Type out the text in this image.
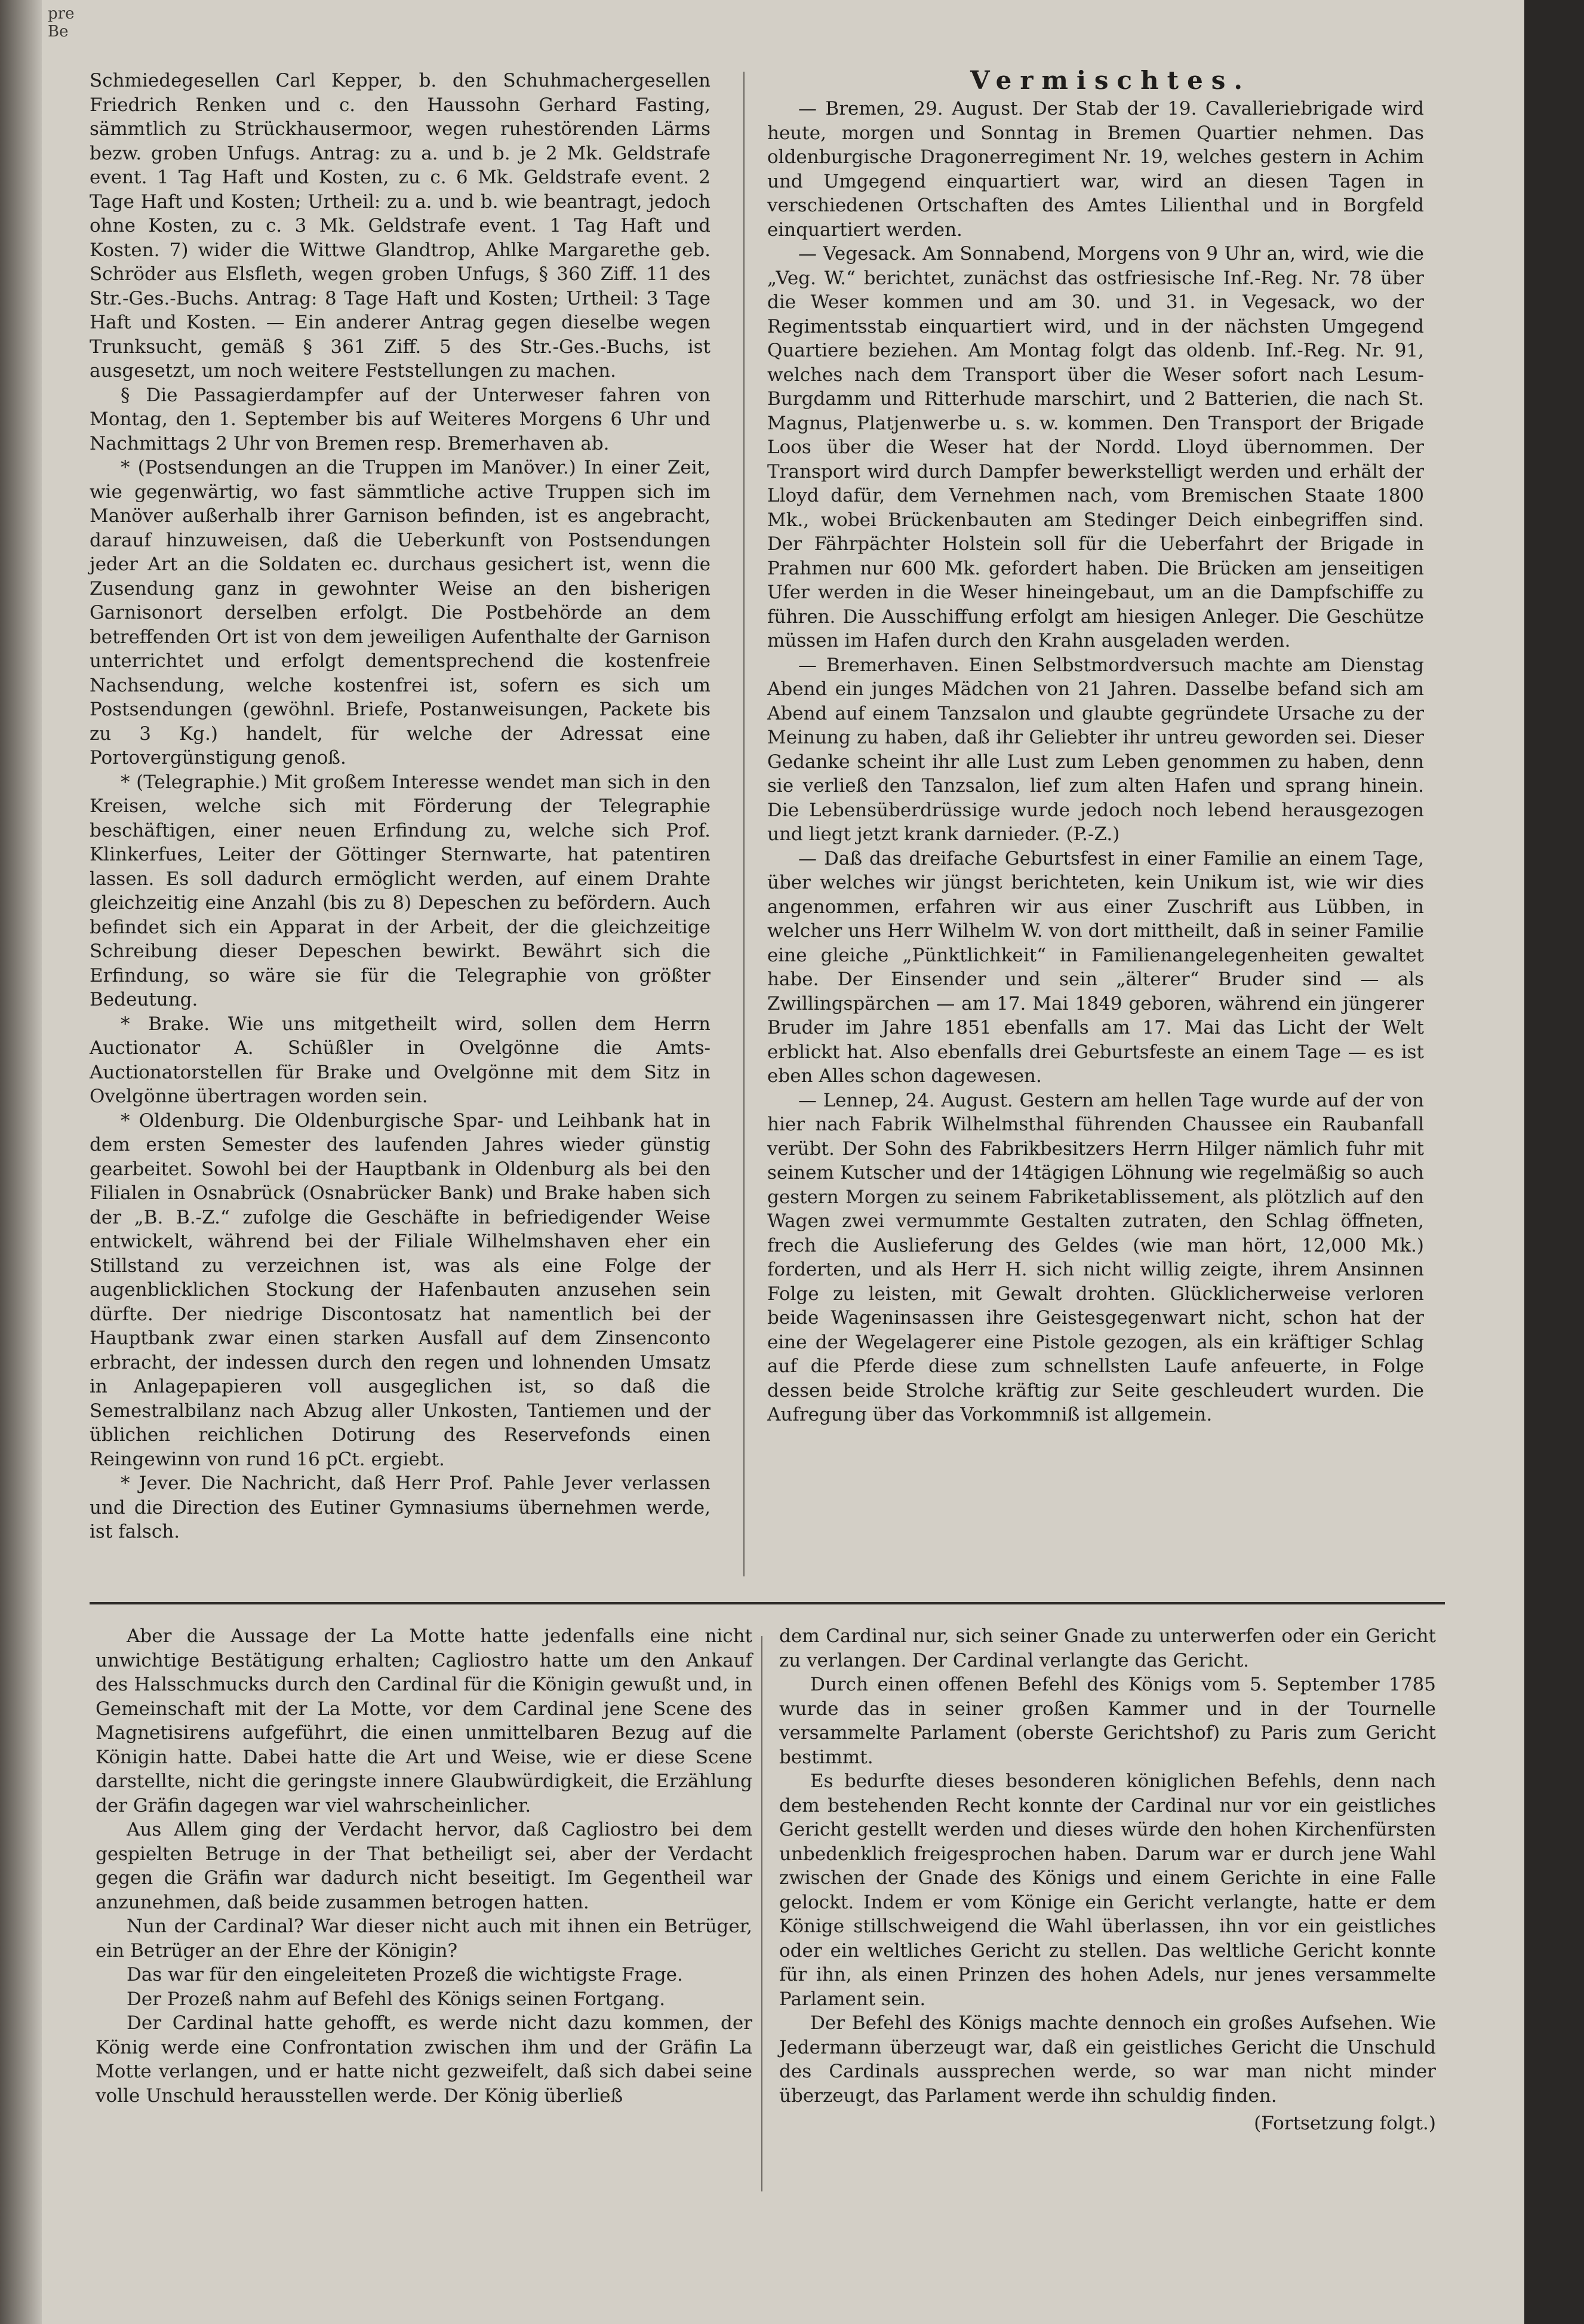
pre
Be

Schmiedegesellen Carl Kepper, b. den Schuhmachergesellen Friedrich Renken und c. den Haussohn Gerhard Fasting, sämmtlich zu Strückhausermoor, wegen ruhestörenden Lärms bezw. groben Unfugs. Antrag: zu a. und b. je 2 Mk. Geldstrafe event. 1 Tag Haft und Kosten, zu c. 6 Mk. Geldstrafe event. 2 Tage Haft und Kosten; Urtheil: zu a. und b. wie beantragt, jedoch ohne Kosten, zu c. 3 Mk. Geldstrafe event. 1 Tag Haft und Kosten. 7) wider die Wittwe Glandtrop, Ahlke Margarethe geb. Schröder aus Elsfleth, wegen groben Unfugs, § 360 Ziff. 11 des Str.-Ges.-Buchs. Antrag: 8 Tage Haft und Kosten; Urtheil: 3 Tage Haft und Kosten. — Ein anderer Antrag gegen dieselbe wegen Trunksucht, gemäß § 361 Ziff. 5 des Str.-Ges.-Buchs, ist ausgesetzt, um noch weitere Feststellungen zu machen.

§ Die Passagierdampfer auf der Unterweser fahren von Montag, den 1. September bis auf Weiteres Morgens 6 Uhr und Nachmittags 2 Uhr von Bremen resp. Bremerhaven ab.

* (Postsendungen an die Truppen im Manöver.) In einer Zeit, wie gegenwärtig, wo fast sämmtliche active Truppen sich im Manöver außerhalb ihrer Garnison befinden, ist es angebracht, darauf hinzuweisen, daß die Ueberkunft von Postsendungen jeder Art an die Soldaten ec. durchaus gesichert ist, wenn die Zusendung ganz in gewohnter Weise an den bisherigen Garnisonort derselben erfolgt. Die Postbehörde an dem betreffenden Ort ist von dem jeweiligen Aufenthalte der Garnison unterrichtet und erfolgt dementsprechend die kostenfreie Nachsendung, welche kostenfrei ist, sofern es sich um Postsendungen (gewöhnl. Briefe, Postanweisungen, Packete bis zu 3 Kg.) handelt, für welche der Adressat eine Portovergünstigung genoß.

* (Telegraphie.) Mit großem Interesse wendet man sich in den Kreisen, welche sich mit Förderung der Telegraphie beschäftigen, einer neuen Erfindung zu, welche sich Prof. Klinkerfues, Leiter der Göttinger Sternwarte, hat patentiren lassen. Es soll dadurch ermöglicht werden, auf einem Drahte gleichzeitig eine Anzahl (bis zu 8) Depeschen zu befördern. Auch befindet sich ein Apparat in der Arbeit, der die gleichzeitige Schreibung dieser Depeschen bewirkt. Bewährt sich die Erfindung, so wäre sie für die Telegraphie von größter Bedeutung.

* Brake. Wie uns mitgetheilt wird, sollen dem Herrn Auctionator A. Schüßler in Ovelgönne die Amts-Auctionatorstellen für Brake und Ovelgönne mit dem Sitz in Ovelgönne übertragen worden sein.

* Oldenburg. Die Oldenburgische Spar- und Leihbank hat in dem ersten Semester des laufenden Jahres wieder günstig gearbeitet. Sowohl bei der Hauptbank in Oldenburg als bei den Filialen in Osnabrück (Osnabrücker Bank) und Brake haben sich der „B. B.-Z.“ zufolge die Geschäfte in befriedigender Weise entwickelt, während bei der Filiale Wilhelmshaven eher ein Stillstand zu verzeichnen ist, was als eine Folge der augenblicklichen Stockung der Hafenbauten anzusehen sein dürfte. Der niedrige Discontosatz hat namentlich bei der Hauptbank zwar einen starken Ausfall auf dem Zinsenconto erbracht, der indessen durch den regen und lohnenden Umsatz in Anlagepapieren voll ausgeglichen ist, so daß die Semestralbilanz nach Abzug aller Unkosten, Tantiemen und der üblichen reichlichen Dotirung des Reservefonds einen Reingewinn von rund 16 pCt. ergiebt.

* Jever. Die Nachricht, daß Herr Prof. Pahle Jever verlassen und die Direction des Eutiner Gymnasiums übernehmen werde, ist falsch.

Vermischtes.

— Bremen, 29. August. Der Stab der 19. Cavalleriebrigade wird heute, morgen und Sonntag in Bremen Quartier nehmen. Das oldenburgische Dragonerregiment Nr. 19, welches gestern in Achim und Umgegend einquartiert war, wird an diesen Tagen in verschiedenen Ortschaften des Amtes Lilienthal und in Borgfeld einquartiert werden.

— Vegesack. Am Sonnabend, Morgens von 9 Uhr an, wird, wie die „Veg. W.“ berichtet, zunächst das ostfriesische Inf.-Reg. Nr. 78 über die Weser kommen und am 30. und 31. in Vegesack, wo der Regimentsstab einquartiert wird, und in der nächsten Umgegend Quartiere beziehen. Am Montag folgt das oldenb. Inf.-Reg. Nr. 91, welches nach dem Transport über die Weser sofort nach Lesum-Burgdamm und Ritterhude marschirt, und 2 Batterien, die nach St. Magnus, Platjenwerbe u. s. w. kommen. Den Transport der Brigade Loos über die Weser hat der Nordd. Lloyd übernommen. Der Transport wird durch Dampfer bewerkstelligt werden und erhält der Lloyd dafür, dem Vernehmen nach, vom Bremischen Staate 1800 Mk., wobei Brückenbauten am Stedinger Deich einbegriffen sind. Der Fährpächter Holstein soll für die Ueberfahrt der Brigade in Prahmen nur 600 Mk. gefordert haben. Die Brücken am jenseitigen Ufer werden in die Weser hineingebaut, um an die Dampfschiffe zu führen. Die Ausschiffung erfolgt am hiesigen Anleger. Die Geschütze müssen im Hafen durch den Krahn ausgeladen werden.

— Bremerhaven. Einen Selbstmordversuch machte am Dienstag Abend ein junges Mädchen von 21 Jahren. Dasselbe befand sich am Abend auf einem Tanzsalon und glaubte gegründete Ursache zu der Meinung zu haben, daß ihr Geliebter ihr untreu geworden sei. Dieser Gedanke scheint ihr alle Lust zum Leben genommen zu haben, denn sie verließ den Tanzsalon, lief zum alten Hafen und sprang hinein. Die Lebensüberdrüssige wurde jedoch noch lebend herausgezogen und liegt jetzt krank darnieder. (P.-Z.)

— Daß das dreifache Geburtsfest in einer Familie an einem Tage, über welches wir jüngst berichteten, kein Unikum ist, wie wir dies angenommen, erfahren wir aus einer Zuschrift aus Lübben, in welcher uns Herr Wilhelm W. von dort mittheilt, daß in seiner Familie eine gleiche „Pünktlichkeit“ in Familienangelegenheiten gewaltet habe. Der Einsender und sein „älterer“ Bruder sind — als Zwillingspärchen — am 17. Mai 1849 geboren, während ein jüngerer Bruder im Jahre 1851 ebenfalls am 17. Mai das Licht der Welt erblickt hat. Also ebenfalls drei Geburtsfeste an einem Tage — es ist eben Alles schon dagewesen.

— Lennep, 24. August. Gestern am hellen Tage wurde auf der von hier nach Fabrik Wilhelmsthal führenden Chaussee ein Raubanfall verübt. Der Sohn des Fabrikbesitzers Herrn Hilger nämlich fuhr mit seinem Kutscher und der 14tägigen Löhnung wie regelmäßig so auch gestern Morgen zu seinem Fabriketablissement, als plötzlich auf den Wagen zwei vermummte Gestalten zutraten, den Schlag öffneten, frech die Auslieferung des Geldes (wie man hört, 12,000 Mk.) forderten, und als Herr H. sich nicht willig zeigte, ihrem Ansinnen Folge zu leisten, mit Gewalt drohten. Glücklicherweise verloren beide Wageninsassen ihre Geistesgegenwart nicht, schon hat der eine der Wegelagerer eine Pistole gezogen, als ein kräftiger Schlag auf die Pferde diese zum schnellsten Laufe anfeuerte, in Folge dessen beide Strolche kräftig zur Seite geschleudert wurden. Die Aufregung über das Vorkommniß ist allgemein.

Aber die Aussage der La Motte hatte jedenfalls eine nicht unwichtige Bestätigung erhalten; Cagliostro hatte um den Ankauf des Halsschmucks durch den Cardinal für die Königin gewußt und, in Gemeinschaft mit der La Motte, vor dem Cardinal jene Scene des Magnetisirens aufgeführt, die einen unmittelbaren Bezug auf die Königin hatte. Dabei hatte die Art und Weise, wie er diese Scene darstellte, nicht die geringste innere Glaubwürdigkeit, die Erzählung der Gräfin dagegen war viel wahrscheinlicher.

Aus Allem ging der Verdacht hervor, daß Cagliostro bei dem gespielten Betruge in der That betheiligt sei, aber der Verdacht gegen die Gräfin war dadurch nicht beseitigt. Im Gegentheil war anzunehmen, daß beide zusammen betrogen hatten.

Nun der Cardinal? War dieser nicht auch mit ihnen ein Betrüger, ein Betrüger an der Ehre der Königin?

Das war für den eingeleiteten Prozeß die wichtigste Frage.

Der Prozeß nahm auf Befehl des Königs seinen Fortgang.

Der Cardinal hatte gehofft, es werde nicht dazu kommen, der König werde eine Confrontation zwischen ihm und der Gräfin La Motte verlangen, und er hatte nicht gezweifelt, daß sich dabei seine volle Unschuld herausstellen werde. Der König überließ

dem Cardinal nur, sich seiner Gnade zu unterwerfen oder ein Gericht zu verlangen. Der Cardinal verlangte das Gericht.

Durch einen offenen Befehl des Königs vom 5. September 1785 wurde das in seiner großen Kammer und in der Tournelle versammelte Parlament (oberste Gerichtshof) zu Paris zum Gericht bestimmt.

Es bedurfte dieses besonderen königlichen Befehls, denn nach dem bestehenden Recht konnte der Cardinal nur vor ein geistliches Gericht gestellt werden und dieses würde den hohen Kirchenfürsten unbedenklich freigesprochen haben. Darum war er durch jene Wahl zwischen der Gnade des Königs und einem Gerichte in eine Falle gelockt. Indem er vom Könige ein Gericht verlangte, hatte er dem Könige stillschweigend die Wahl überlassen, ihn vor ein geistliches oder ein weltliches Gericht zu stellen. Das weltliche Gericht konnte für ihn, als einen Prinzen des hohen Adels, nur jenes versammelte Parlament sein.

Der Befehl des Königs machte dennoch ein großes Aufsehen. Wie Jedermann überzeugt war, daß ein geistliches Gericht die Unschuld des Cardinals aussprechen werde, so war man nicht minder überzeugt, das Parlament werde ihn schuldig finden.

(Fortsetzung folgt.)
